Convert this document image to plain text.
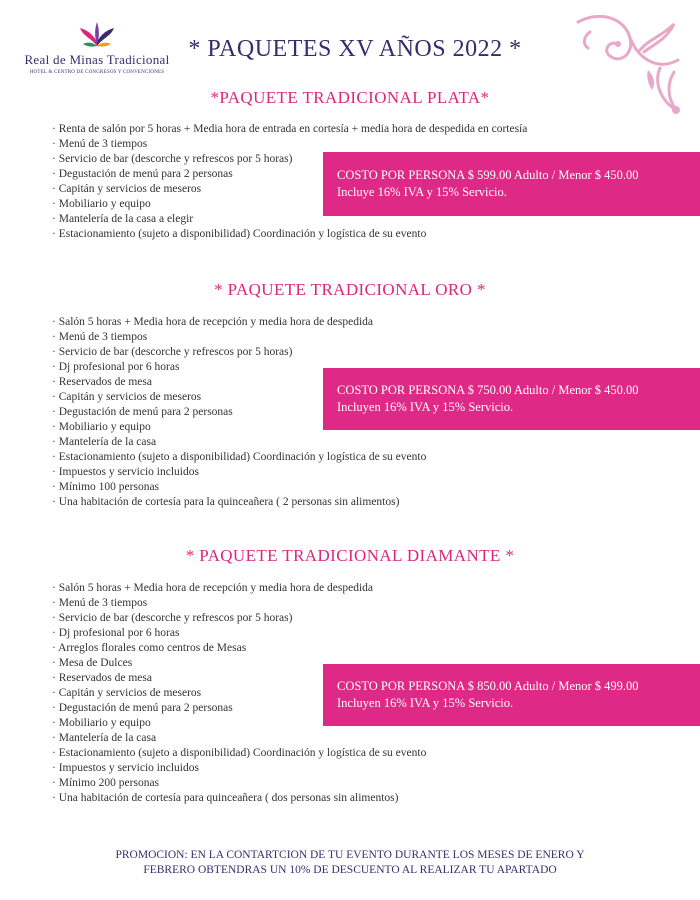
Real de Minas Tradicional
HOTEL & CENTRO DE CONGRESOS Y CONVENCIONES
* PAQUETES XV AÑOS 2022 *
*PAQUETE TRADICIONAL PLATA*
· Renta de salón por 5 horas + Media hora de entrada en cortesía + media hora de despedida en cortesía
· Menú de 3 tiempos
· Servicio de bar (descorche y refrescos por 5 horas)
· Degustación de menú para 2 personas
· Capitán y servicios de meseros
· Mobiliario y equipo
· Mantelería de la casa a elegir
· Estacionamiento (sujeto a disponibilidad) Coordinación y logística de su evento
COSTO POR PERSONA $ 599.00 Adulto / Menor $ 450.00
Incluye 16% IVA y 15% Servicio.
* PAQUETE TRADICIONAL ORO *
· Salón 5 horas + Media hora de recepción y media hora de despedida
· Menú de 3 tiempos
· Servicio de bar (descorche y refrescos por 5 horas)
· Dj profesional por 6 horas
· Reservados de mesa
· Capitán y servicios de meseros
· Degustación de menú para 2 personas
· Mobiliario y equipo
· Mantelería de la casa
· Estacionamiento (sujeto a disponibilidad) Coordinación y logística de su evento
· Impuestos y servicio incluidos
· Mínimo 100 personas
· Una habitación de cortesía para la quinceañera ( 2 personas sin alimentos)
COSTO POR PERSONA $ 750.00 Adulto / Menor $ 450.00
Incluyen 16% IVA y 15% Servicio.
* PAQUETE TRADICIONAL DIAMANTE *
· Salón 5 horas + Media hora de recepción y media hora de despedida
· Menú de 3 tiempos
· Servicio de bar (descorche y refrescos por 5 horas)
· Dj profesional por 6 horas
· Arreglos florales como centros de Mesas
· Mesa de Dulces
· Reservados de mesa
· Capitán y servicios de meseros
· Degustación de menú para 2 personas
· Mobiliario y equipo
· Mantelería de la casa
· Estacionamiento (sujeto a disponibilidad) Coordinación y logística de su evento
· Impuestos y servicio incluidos
· Mínimo 200 personas
· Una habitación de cortesía para quinceañera ( dos personas sin alimentos)
COSTO POR PERSONA $ 850.00 Adulto / Menor $ 499.00
Incluyen 16% IVA y 15% Servicio.
PROMOCION: EN LA CONTARTCION DE TU EVENTO DURANTE LOS MESES DE ENERO Y
FEBRERO OBTENDRAS UN 10% DE DESCUENTO AL REALIZAR TU APARTADO
